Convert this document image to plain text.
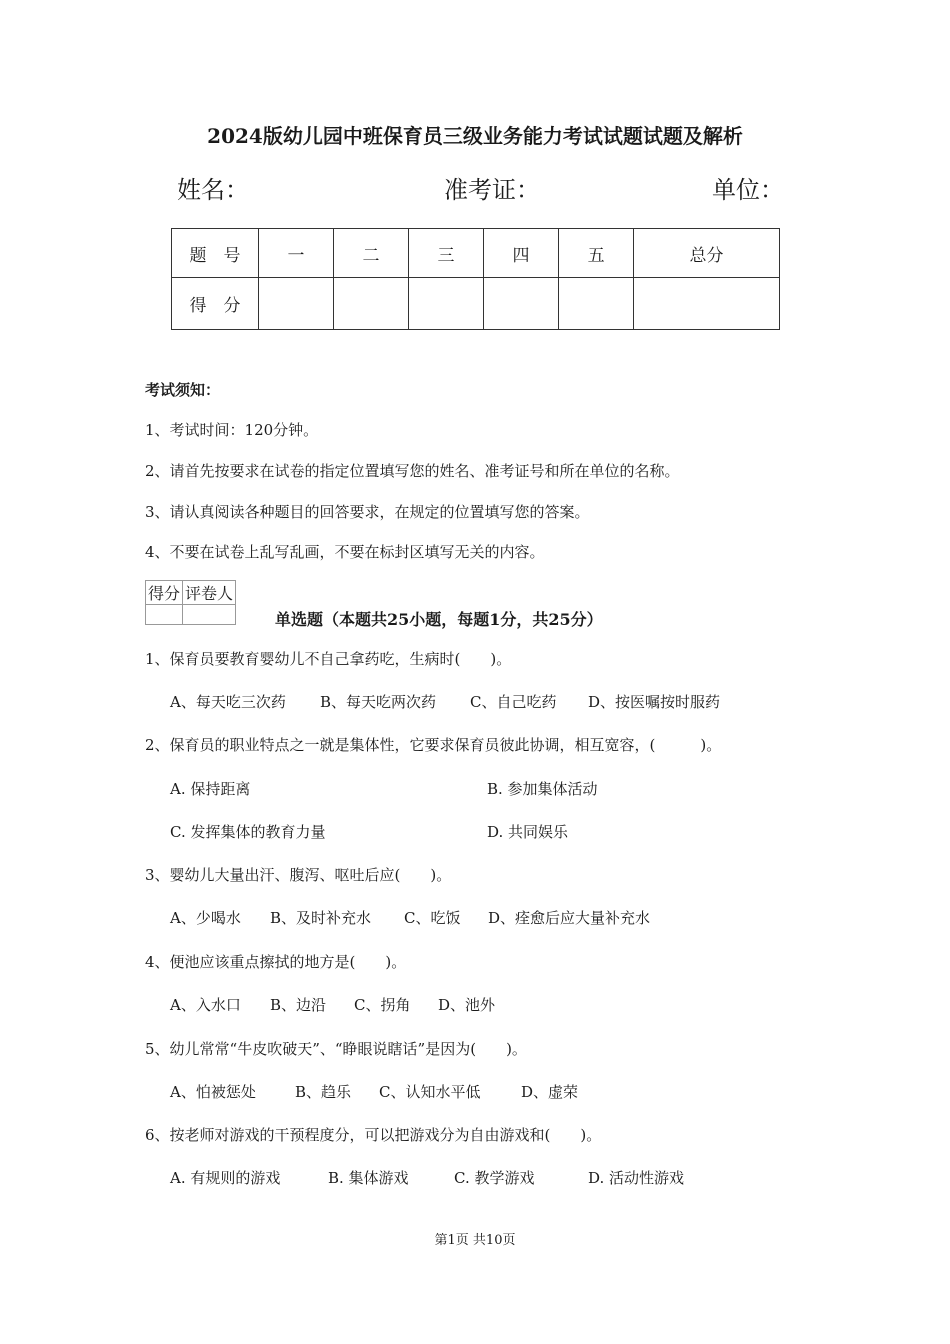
2024版幼儿园中班保育员三级业务能力考试试题试题及解析
姓名：	准考证：	单位：
题　号	一	二	三	四	五	总分
得　分						
考试须知：
1、考试时间：120分钟。
2、请首先按要求在试卷的指定位置填写您的姓名、准考证号和所在单位的名称。
3、请认真阅读各种题目的回答要求，在规定的位置填写您的答案。
4、不要在试卷上乱写乱画，不要在标封区填写无关的内容。
得分	评卷人

单选题（本题共25小题，每题1分，共25分）
1、保育员要教育婴幼儿不自己拿药吃，生病时(　　)。
A、每天吃三次药 B、每天吃两次药 C、自己吃药 D、按医嘱按时服药
2、保育员的职业特点之一就是集体性，它要求保育员彼此协调，相互宽容，(　　　)。
A. 保持距离	B. 参加集体活动
C. 发挥集体的教育力量	D. 共同娱乐
3、婴幼儿大量出汗、腹泻、呕吐后应(　　)。
A、少喝水 B、及时补充水 C、吃饭 D、痊愈后应大量补充水
4、便池应该重点擦拭的地方是(　　)。
A、入水口 B、边沿 C、拐角 D、池外
5、幼儿常常“牛皮吹破天”、“睁眼说瞎话”是因为(　　)。
A、怕被惩处	B、趋乐 C、认知水平低	D、虚荣
6、按老师对游戏的干预程度分，可以把游戏分为自由游戏和(　　)。
A. 有规则的游戏	B. 集体游戏	C. 教学游戏	D. 活动性游戏
第1页 共10页
